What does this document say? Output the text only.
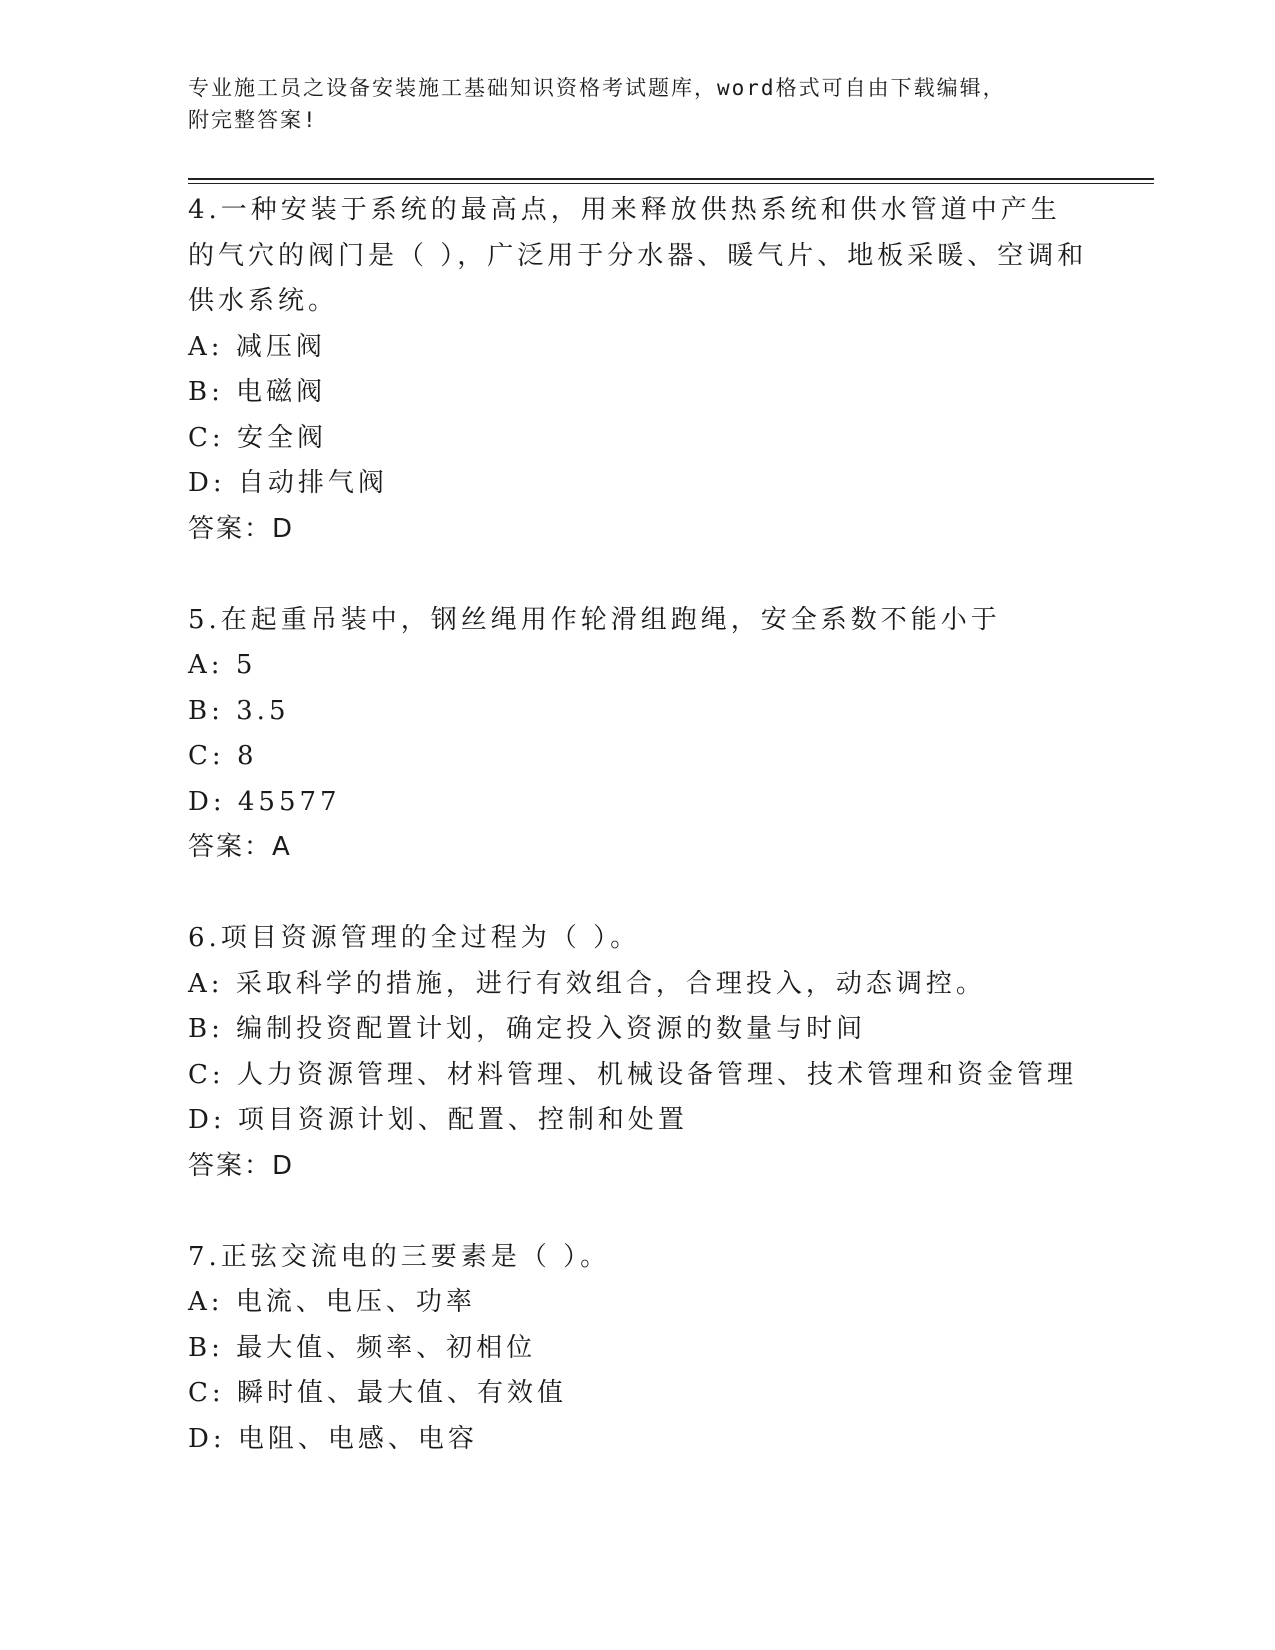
专业施工员之设备安装施工基础知识资格考试题库，word格式可自由下载编辑，
附完整答案!

4.一种安装于系统的最高点，用来释放供热系统和供水管道中产生的气穴的阀门是（ ），广泛用于分水器、暖气片、地板采暖、空调和供水系统。

A: 减压阀

B: 电磁阀

C: 安全阀

D: 自动排气阀

答案：D

5.在起重吊装中，钢丝绳用作轮滑组跑绳，安全系数不能小于

A: 5

B: 3.5

C: 8

D: 45577

答案：A

6.项目资源管理的全过程为（ ）。

A: 采取科学的措施，进行有效组合，合理投入，动态调控。

B: 编制投资配置计划，确定投入资源的数量与时间

C: 人力资源管理、材料管理、机械设备管理、技术管理和资金管理

D: 项目资源计划、配置、控制和处置

答案：D

7.正弦交流电的三要素是（ ）。

A: 电流、电压、功率

B: 最大值、频率、初相位

C: 瞬时值、最大值、有效值

D: 电阻、电感、电容
